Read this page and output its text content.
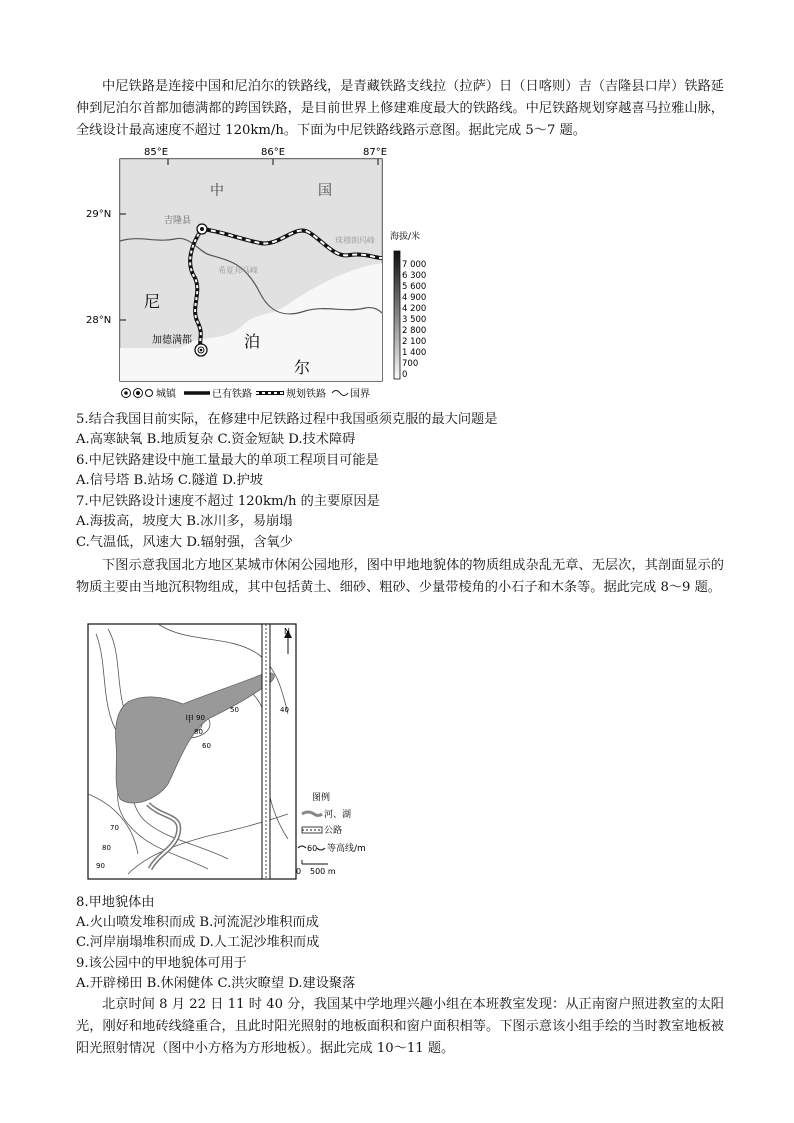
中尼铁路是连接中国和尼泊尔的铁路线，是青藏铁路支线拉（拉萨）日（日喀则）吉（吉隆县口岸）铁路延伸到尼泊尔首都加德满都的跨国铁路，是目前世界上修建难度最大的铁路线。中尼铁路规划穿越喜马拉雅山脉，全线设计最高速度不超过 120km/h。下面为中尼铁路线路示意图。据此完成 5～7 题。

85°E	86°E	87°E
29°N
28°N
中	国
尼
泊
尔
吉隆县
加德满都
希夏邦马峰
珠穆朗玛峰 海拔/米
7 000
6 300
5 600
4 900
4 200
3 500
2 800
2 100
1 400
700
0
城镇	已有铁路	规划铁路 国界
5.结合我国目前实际，在修建中尼铁路过程中我国亟须克服的最大问题是
A.高寒缺氧 B.地质复杂 C.资金短缺 D.技术障碍
6.中尼铁路建设中施工量最大的单项工程项目可能是
A.信号塔 B.站场 C.隧道 D.护坡
7.中尼铁路设计速度不超过 120km/h 的主要原因是
A.海拔高，坡度大 B.冰川多，易崩塌
C.气温低，风速大 D.辐射强，含氧少

下图示意我国北方地区某城市休闲公园地形，图中甲地地貌体的物质组成杂乱无章、无层次，其剖面显示的物质主要由当地沉积物组成，其中包括黄土、细砂、粗砂、少量带棱角的小石子和木条等。据此完成 8～9 题。

N
甲 90
80
60
50	40
70
80
90
图例
河、湖
公路
60 等高线/m
0 500 m
8.甲地貌体由
A.火山喷发堆积而成 B.河流泥沙堆积而成
C.河岸崩塌堆积而成 D.人工泥沙堆积而成
9.该公园中的甲地貌体可用于
A.开辟梯田 B.休闲健体 C.洪灾瞭望 D.建设聚落

北京时间 8 月 22 日 11 时 40 分，我国某中学地理兴趣小组在本班教室发现：从正南窗户照进教室的太阳光，刚好和地砖线缝重合，且此时阳光照射的地板面积和窗户面积相等。下图示意该小组手绘的当时教室地板被阳光照射情况（图中小方格为方形地板）。据此完成 10～11 题。
